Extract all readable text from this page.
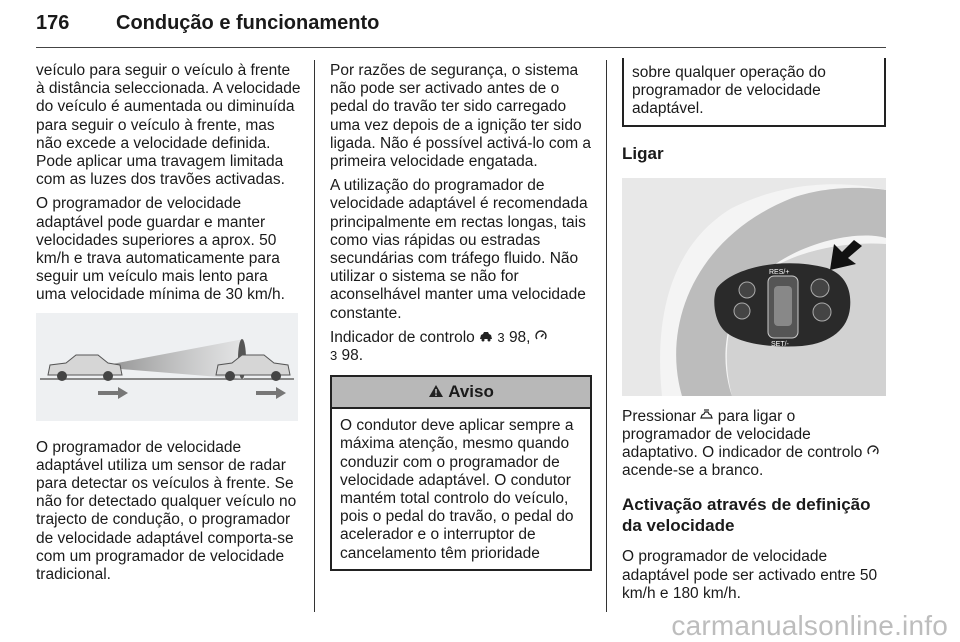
176 Condução e funcionamento

veículo para seguir o veículo à frente à distância seleccionada. A velocidade do veículo é aumentada ou diminuída para seguir o veículo à frente, mas não excede a velocidade definida. Pode aplicar uma travagem limitada com as luzes dos travões activadas.

O programador de velocidade adaptável pode guardar e manter velocidades superiores a aprox. 50 km/h e trava automaticamente para seguir um veículo mais lento para uma velocidade mínima de 30 km/h.

O programador de velocidade adaptável utiliza um sensor de radar para detectar os veículos à frente. Se não for detectado qualquer veículo no trajecto de condução, o programador de velocidade adaptável comporta-se com um programador de velocidade tradicional.

Por razões de segurança, o sistema não pode ser activado antes de o pedal do travão ter sido carregado uma vez depois de a ignição ter sido ligada. Não é possível activá-lo com a primeira velocidade engatada.

A utilização do programador de velocidade adaptável é recomendada principalmente em rectas longas, tais como vias rápidas ou estradas secundárias com tráfego fluido. Não utilizar o sistema se não for aconselhável manter uma velocidade constante.

Indicador de controlo 3 98,
3 98.

Aviso
O condutor deve aplicar sempre a máxima atenção, mesmo quando conduzir com o programador de velocidade adaptável. O condutor mantém total controlo do veículo, pois o pedal do travão, o pedal do acelerador e o interruptor de cancelamento têm prioridade
sobre qualquer operação do programador de velocidade adaptável.
Ligar
RES/+
SET/-

Pressionar para ligar o programador de velocidade adaptativo. O indicador de controlo  acende-se a branco.

Activação através de definição da velocidade

O programador de velocidade adaptável pode ser activado entre 50 km/h e 180 km/h.

carmanualsonline.info
